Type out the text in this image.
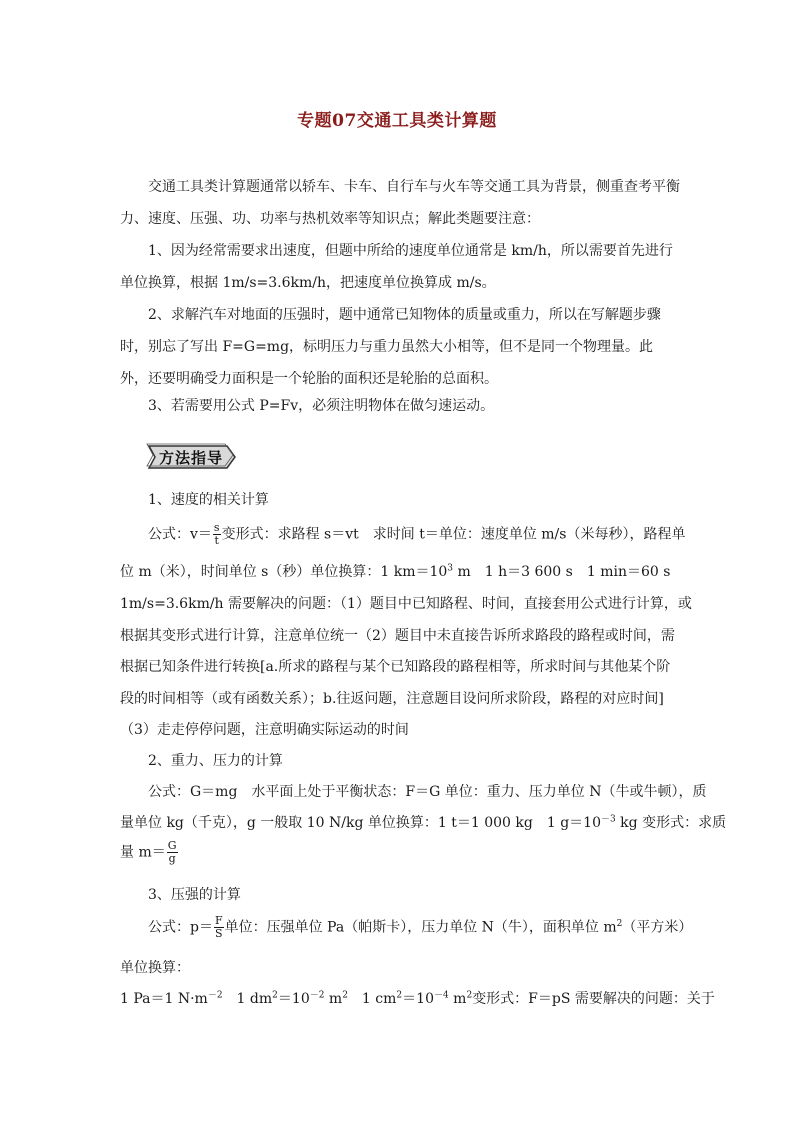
专题07交通工具类计算题

交通工具类计算题通常以轿车、卡车、自行车与火车等交通工具为背景，侧重查考平衡力、速度、压强、功、功率与热机效率等知识点；解此类题要注意：

1、因为经常需要求出速度，但题中所给的速度单位通常是 km/h，所以需要首先进行单位换算，根据 1m/s=3.6km/h，把速度单位换算成 m/s。

2、求解汽车对地面的压强时，题中通常已知物体的质量或重力，所以在写解题步骤时，别忘了写出 F=G=mg，标明压力与重力虽然大小相等，但不是同一个物理量。此外，还要明确受力面积是一个轮胎的面积还是轮胎的总面积。

3、若需要用公式 P=Fv，必须注明物体在做匀速运动。

方法指导

1、速度的相关计算

公式：$v= \frac{s}{t}$ 变形式：求路程 s＝vt　求时间 t＝单位：速度单位 m/s（米每秒），路程单

位 m（米），时间单位 s（秒）单位换算：1 $km=10^3$ m　1 h＝3 600 s　1 min＝60 s

1m/s=3.6km/h 需要解决的问题：（1）题目中已知路程、时间，直接套用公式进行计算，或

根据其变形式进行计算，注意单位统一（2）题目中未直接告诉所求路段的路程或时间，需

根据已知条件进行转换[a.所求的路程与某个已知路段的路程相等，所求时间与其他某个阶

段的时间相等（或有函数关系）；b.往返问题，注意题目设问所求阶段，路程的对应时间]

（3）走走停停问题，注意明确实际运动的时间

2、重力、压力的计算

公式：G＝mg　水平面上处于平衡状态：F＝G 单位：重力、压力单位 N（牛或牛顿），质

量单位 kg（千克），g 一般取 10 N/kg 单位换算：1 t＝1 000 kg　1 $g=10^{-3}$ kg 变形式：求质

量 $m= \frac{G}{g}$

3、压强的计算

公式：$p= \frac{F}{S}$ 单位：压强单位 Pa（帕斯卡），压力单位 N（牛），面积单位 $m^2$（平方米）

单位换算：

1 Pa＝1 $N\cdot m^{-2}$　1 $dm^2=10^{-2}$ $m^2$　1 $cm^2=10^{-4}$ $m^2$变形式：F＝pS 需要解决的问题：关于
